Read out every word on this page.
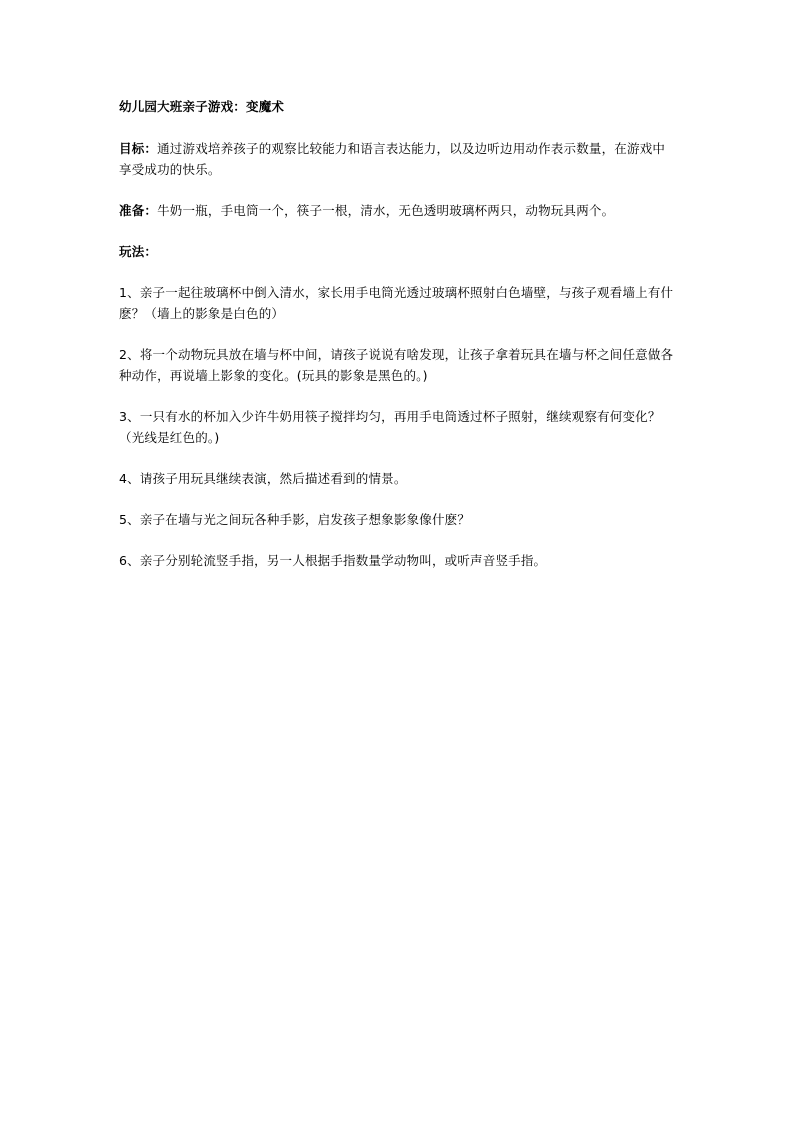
幼儿园大班亲子游戏：变魔术

目标：通过游戏培养孩子的观察比较能力和语言表达能力，以及边听边用动作表示数量，在游戏中享受成功的快乐。

准备：牛奶一瓶，手电筒一个，筷子一根，清水，无色透明玻璃杯两只，动物玩具两个。

玩法：

1、亲子一起往玻璃杯中倒入清水，家长用手电筒光透过玻璃杯照射白色墙壁，与孩子观看墙上有什麽？（墙上的影象是白色的）

2、将一个动物玩具放在墙与杯中间，请孩子说说有啥发现，让孩子拿着玩具在墙与杯之间任意做各种动作，再说墙上影象的变化。(玩具的影象是黑色的。)

3、一只有水的杯加入少许牛奶用筷子搅拌均匀，再用手电筒透过杯子照射，继续观察有何变化？（光线是红色的。)

4、请孩子用玩具继续表演，然后描述看到的情景。

5、亲子在墙与光之间玩各种手影，启发孩子想象影象像什麽？

6、亲子分别轮流竖手指，另一人根据手指数量学动物叫，或听声音竖手指。
